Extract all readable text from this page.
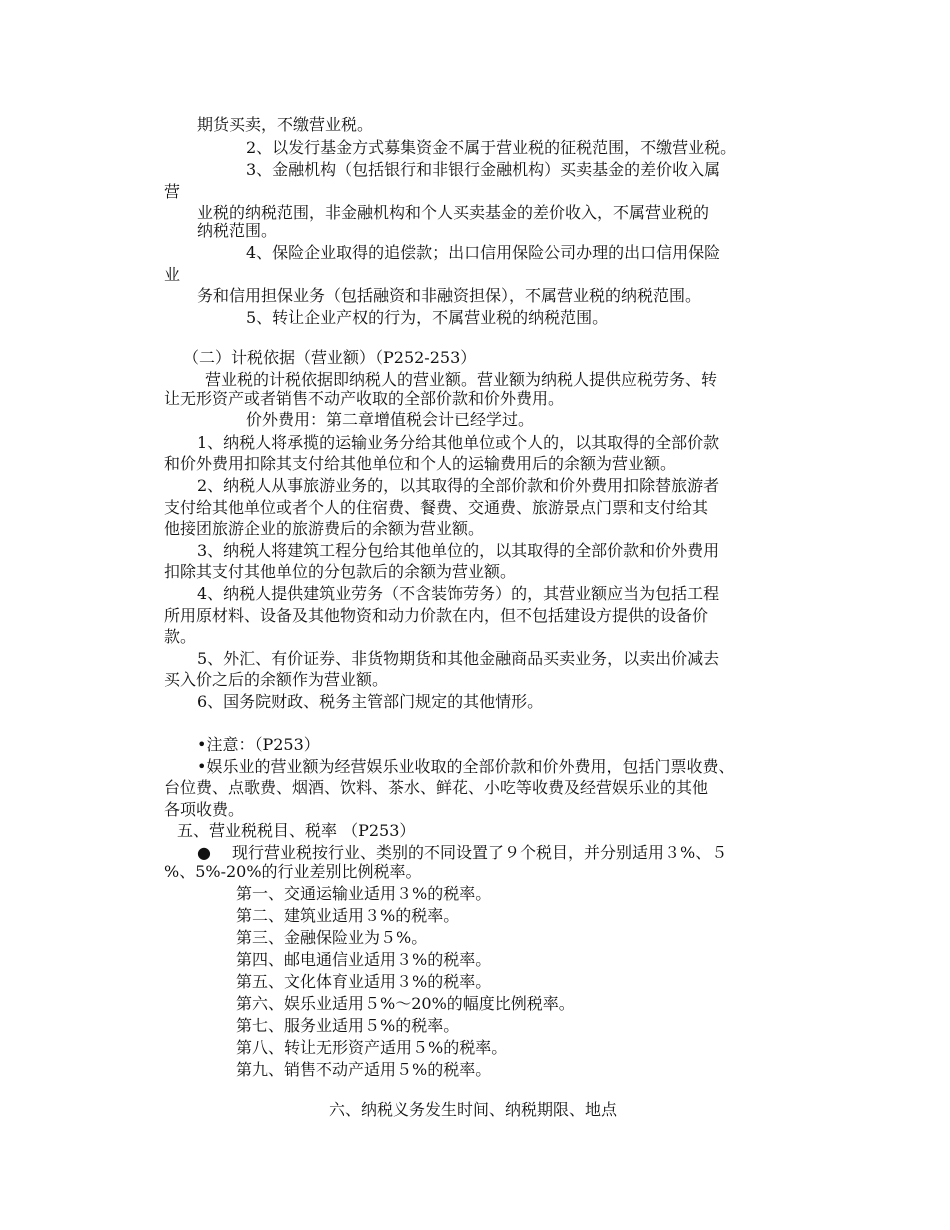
期货买卖，不缴营业税。
2、以发行基金方式募集资金不属于营业税的征税范围，不缴营业税。
3、金融机构（包括银行和非银行金融机构）买卖基金的差价收入属
营
业税的纳税范围，非金融机构和个人买卖基金的差价收入，不属营业税的
纳税范围。
4、保险企业取得的追偿款；出口信用保险公司办理的出口信用保险
业
务和信用担保业务（包括融资和非融资担保），不属营业税的纳税范围。
5、转让企业产权的行为，不属营业税的纳税范围。
（二）计税依据（营业额）（P252-253）
营业税的计税依据即纳税人的营业额。营业额为纳税人提供应税劳务、转
让无形资产或者销售不动产收取的全部价款和价外费用。
价外费用：第二章增值税会计已经学过。
1、纳税人将承揽的运输业务分给其他单位或个人的，以其取得的全部价款
和价外费用扣除其支付给其他单位和个人的运输费用后的余额为营业额。
2、纳税人从事旅游业务的，以其取得的全部价款和价外费用扣除替旅游者
支付给其他单位或者个人的住宿费、餐费、交通费、旅游景点门票和支付给其
他接团旅游企业的旅游费后的余额为营业额。
3、纳税人将建筑工程分包给其他单位的，以其取得的全部价款和价外费用
扣除其支付其他单位的分包款后的余额为营业额。
4、纳税人提供建筑业劳务（不含装饰劳务）的，其营业额应当为包括工程
所用原材料、设备及其他物资和动力价款在内，但不包括建设方提供的设备价
款。
5、外汇、有价证券、非货物期货和其他金融商品买卖业务，以卖出价减去
买入价之后的余额作为营业额。
6、国务院财政、税务主管部门规定的其他情形。
•注意：（P253）
•娱乐业的营业额为经营娱乐业收取的全部价款和价外费用，包括门票收费、
台位费、点歌费、烟酒、饮料、茶水、鲜花、小吃等收费及经营娱乐业的其他
各项收费。
五、营业税税目、税率 （P253）
●　 现行营业税按行业、类别的不同设置了９个税目，并分别适用３%、５
%、5%-20%的行业差别比例税率。
第一、交通运输业适用３%的税率。
第二、建筑业适用３%的税率。
第三、金融保险业为５%。
第四、邮电通信业适用３%的税率。
第五、文化体育业适用３%的税率。
第六、娱乐业适用５%～20%的幅度比例税率。
第七、服务业适用５%的税率。
第八、转让无形资产适用５%的税率。
第九、销售不动产适用５%的税率。
六、纳税义务发生时间、纳税期限、地点
